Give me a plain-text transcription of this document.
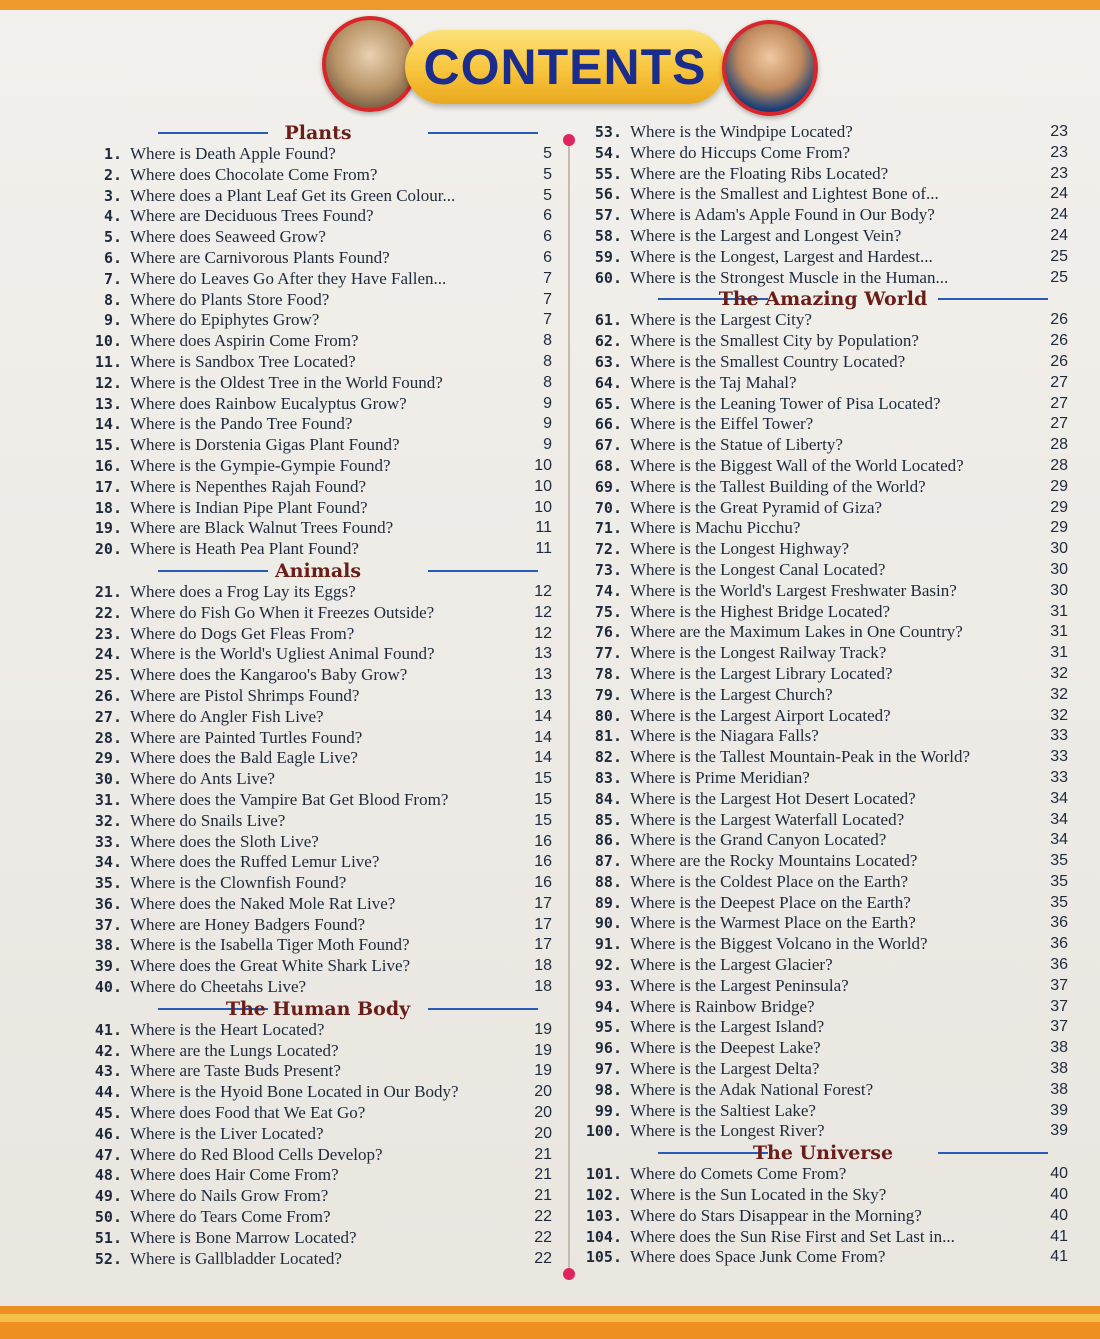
CONTENTS
Plants
1. Where is Death Apple Found?	5
2. Where does Chocolate Come From?	5
3. Where does a Plant Leaf Get its Green Colour...	5
4. Where are Deciduous Trees Found?	6
5. Where does Seaweed Grow?	6
6. Where are Carnivorous Plants Found?	6
7. Where do Leaves Go After they Have Fallen...	7
8. Where do Plants Store Food?	7
9. Where do Epiphytes Grow?	7
10. Where does Aspirin Come From?	8
11. Where is Sandbox Tree Located?	8
12. Where is the Oldest Tree in the World Found?	8
13. Where does Rainbow Eucalyptus Grow?	9
14. Where is the Pando Tree Found?	9
15. Where is Dorstenia Gigas Plant Found?	9
16. Where is the Gympie-Gympie Found?	10
17. Where is Nepenthes Rajah Found?	10
18. Where is Indian Pipe Plant Found?	10
19. Where are Black Walnut Trees Found?	11
20. Where is Heath Pea Plant Found?	11
Animals
21. Where does a Frog Lay its Eggs?	12
22. Where do Fish Go When it Freezes Outside?	12
23. Where do Dogs Get Fleas From?	12
24. Where is the World's Ugliest Animal Found?	13
25. Where does the Kangaroo's Baby Grow?	13
26. Where are Pistol Shrimps Found?	13
27. Where do Angler Fish Live?	14
28. Where are Painted Turtles Found?	14
29. Where does the Bald Eagle Live?	14
30. Where do Ants Live?	15
31. Where does the Vampire Bat Get Blood From?	15
32. Where do Snails Live?	15
33. Where does the Sloth Live?	16
34. Where does the Ruffed Lemur Live?	16
35. Where is the Clownfish Found?	16
36. Where does the Naked Mole Rat Live?	17
37. Where are Honey Badgers Found?	17
38. Where is the Isabella Tiger Moth Found?	17
39. Where does the Great White Shark Live?	18
40. Where do Cheetahs Live?	18
The Human Body
41. Where is the Heart Located?	19
42. Where are the Lungs Located?	19
43. Where are Taste Buds Present?	19
44. Where is the Hyoid Bone Located in Our Body?	20
45. Where does Food that We Eat Go?	20
46. Where is the Liver Located?	20
47. Where do Red Blood Cells Develop?	21
48. Where does Hair Come From?	21
49. Where do Nails Grow From?	21
50. Where do Tears Come From?	22
51. Where is Bone Marrow Located?	22
52. Where is Gallbladder Located?	22
53. Where is the Windpipe Located?	23
54. Where do Hiccups Come From?	23
55. Where are the Floating Ribs Located?	23
56. Where is the Smallest and Lightest Bone of...	24
57. Where is Adam's Apple Found in Our Body?	24
58. Where is the Largest and Longest Vein?	24
59. Where is the Longest, Largest and Hardest...	25
60. Where is the Strongest Muscle in the Human...	25
The Amazing World
61. Where is the Largest City?	26
62. Where is the Smallest City by Population?	26
63. Where is the Smallest Country Located?	26
64. Where is the Taj Mahal?	27
65. Where is the Leaning Tower of Pisa Located?	27
66. Where is the Eiffel Tower?	27
67. Where is the Statue of Liberty?	28
68. Where is the Biggest Wall of the World Located?	28
69. Where is the Tallest Building of the World?	29
70. Where is the Great Pyramid of Giza?	29
71. Where is Machu Picchu?	29
72. Where is the Longest Highway?	30
73. Where is the Longest Canal Located?	30
74. Where is the World's Largest Freshwater Basin?	30
75. Where is the Highest Bridge Located?	31
76. Where are the Maximum Lakes in One Country?	31
77. Where is the Longest Railway Track?	31
78. Where is the Largest Library Located?	32
79. Where is the Largest Church?	32
80. Where is the Largest Airport Located?	32
81. Where is the Niagara Falls?	33
82. Where is the Tallest Mountain-Peak in the World?	33
83. Where is Prime Meridian?	33
84. Where is the Largest Hot Desert Located?	34
85. Where is the Largest Waterfall Located?	34
86. Where is the Grand Canyon Located?	34
87. Where are the Rocky Mountains Located?	35
88. Where is the Coldest Place on the Earth?	35
89. Where is the Deepest Place on the Earth?	35
90. Where is the Warmest Place on the Earth?	36
91. Where is the Biggest Volcano in the World?	36
92. Where is the Largest Glacier?	36
93. Where is the Largest Peninsula?	37
94. Where is Rainbow Bridge?	37
95. Where is the Largest Island?	37
96. Where is the Deepest Lake?	38
97. Where is the Largest Delta?	38
98. Where is the Adak National Forest?	38
99. Where is the Saltiest Lake?	39
100. Where is the Longest River?	39
The Universe
101. Where do Comets Come From?	40
102. Where is the Sun Located in the Sky?	40
103. Where do Stars Disappear in the Morning?	40
104. Where does the Sun Rise First and Set Last in...	41
105. Where does Space Junk Come From?	41
